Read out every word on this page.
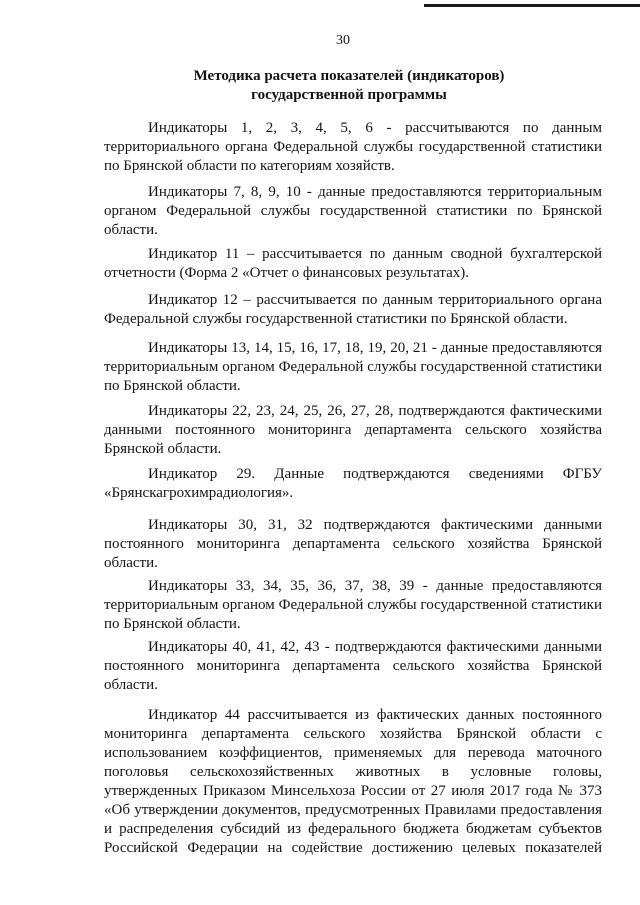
30
Методика расчета показателей (индикаторов)
государственной программы
Индикаторы 1, 2, 3, 4, 5, 6 - рассчитываются по данным
территориального органа Федеральной службы государственной статистики
по Брянской области по категориям хозяйств.
Индикаторы 7, 8, 9, 10 - данные предоставляются территориальным
органом Федеральной службы государственной статистики по Брянской
области.
Индикатор 11 – рассчитывается по данным сводной бухгалтерской
отчетности (Форма 2 «Отчет о финансовых результатах).
Индикатор 12 – рассчитывается по данным территориального органа
Федеральной службы государственной статистики по Брянской области.
Индикаторы 13, 14, 15, 16, 17, 18, 19, 20, 21 - данные предоставляются
территориальным органом Федеральной службы государственной статистики
по Брянской области.
Индикаторы 22, 23, 24, 25, 26, 27, 28, подтверждаются фактическими
данными постоянного мониторинга департамента сельского хозяйства
Брянской области.
Индикатор 29. Данные подтверждаются сведениями ФГБУ
«Брянскагрохимрадиология».
Индикаторы 30, 31, 32 подтверждаются фактическими данными
постоянного мониторинга департамента сельского хозяйства Брянской
области.
Индикаторы 33, 34, 35, 36, 37, 38, 39 - данные предоставляются
территориальным органом Федеральной службы государственной статистики
по Брянской области.
Индикаторы 40, 41, 42, 43 - подтверждаются фактическими данными
постоянного мониторинга департамента сельского хозяйства Брянской
области.
Индикатор 44 рассчитывается из фактических данных постоянного
мониторинга департамента сельского хозяйства Брянской области с
использованием коэффициентов, применяемых для перевода маточного
поголовья сельскохозяйственных животных в условные головы,
утвержденных Приказом Минсельхоза России от 27 июля 2017 года № 373
«Об утверждении документов, предусмотренных Правилами предоставления
и распределения субсидий из федерального бюджета бюджетам субъектов
Российской Федерации на содействие достижению целевых показателей
